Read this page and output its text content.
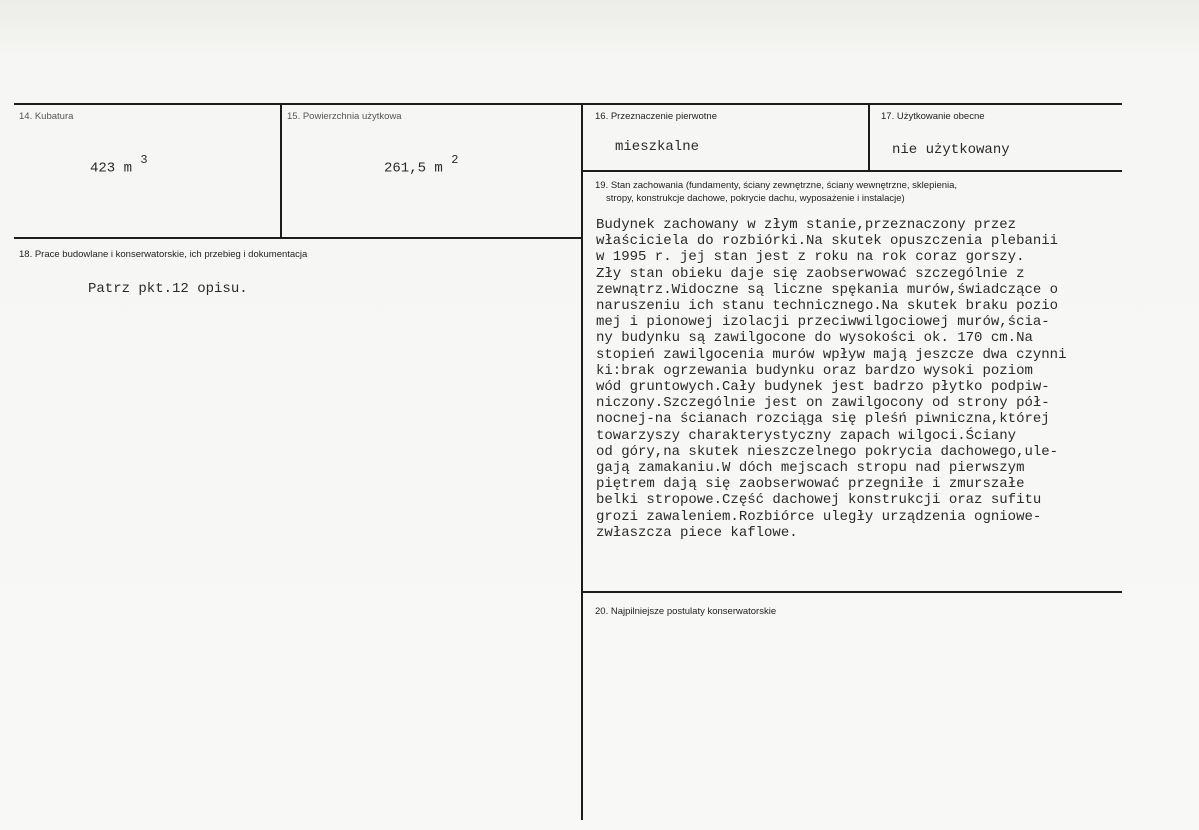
14. Kubatura
423 m $^3$
15. Powierzchnia użytkowa
261,5 m $^2$
16. Przeznaczenie pierwotne
mieszkalne
17. Użytkowanie obecne
nie użytkowany
18. Prace budowlane i konserwatorskie, ich przebieg i dokumentacja
Patrz pkt.12 opisu.
19. Stan zachowania (fundamenty, ściany zewnętrzne, ściany wewnętrzne, sklepienia,
stropy, konstrukcje dachowe, pokrycie dachu, wyposażenie i instalacje)
Budynek zachowany w złym stanie,przeznaczony przez
właściciela do rozbiórki.Na skutek opuszczenia plebanii
w 1995 r. jej stan jest z roku na rok coraz gorszy.
Zły stan obieku daje się zaobserwować szczególnie z
zewnątrz.Widoczne są liczne spękania murów,świadczące o
naruszeniu ich stanu technicznego.Na skutek braku pozio
mej i pionowej izolacji przeciwwilgociowej murów,ścia-
ny budynku są zawilgocone do wysokości ok. 170 cm.Na
stopień zawilgocenia murów wpływ mają jeszcze dwa czynni
ki:brak ogrzewania budynku oraz bardzo wysoki poziom
wód gruntowych.Cały budynek jest badrzo płytko podpiw-
niczony.Szczególnie jest on zawilgocony od strony pół-
nocnej-na ścianach rozciąga się pleśń piwniczna,której
towarzyszy charakterystyczny zapach wilgoci.Ściany
od góry,na skutek nieszczelnego pokrycia dachowego,ule-
gają zamakaniu.W dóch mejscach stropu nad pierwszym
piętrem dają się zaobserwować przegniłe i zmurszałe
belki stropowe.Część dachowej konstrukcji oraz sufitu
grozi zawaleniem.Rozbiórce uległy urządzenia ogniowe-
zwłaszcza piece kaflowe.
20. Najpilniejsze postulaty konserwatorskie
